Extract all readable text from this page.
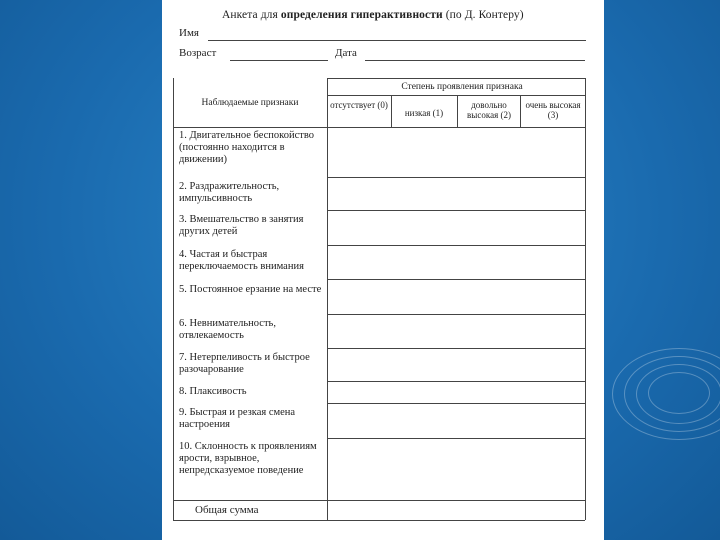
Анкета для определения гиперактивности (по Д. Контеру)
Имя
Возраст	Дата
Степень проявления признака
Наблюдаемые признаки	отсутствует (0)
низкая (1)
довольно высокая (2)
очень высокая (3)
1. Двигательное беспокойство (постоянно находится в движении)
2. Раздражительность, импульсивность
3. Вмешательство в занятия других детей
4. Частая и быстрая переключаемость внимания
5. Постоянное ерзание на месте
6. Невнимательность, отвлекаемость
7. Нетерпеливость и быстрое разочарование
8. Плаксивость
9. Быстрая и резкая смена настроения
10. Склонность к проявлениям ярости, взрывное, непредсказуемое поведение
Общая сумма
